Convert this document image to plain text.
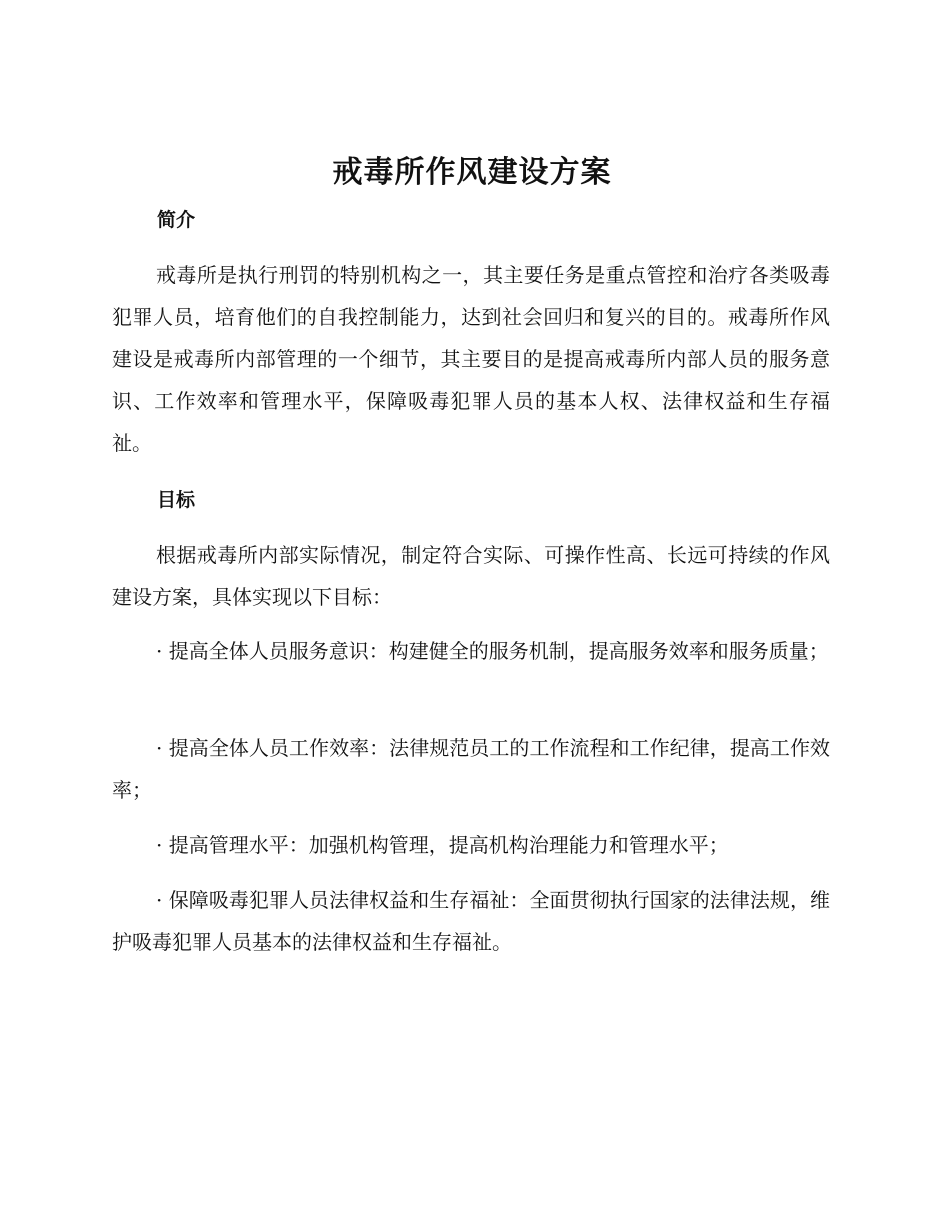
戒毒所作风建设方案
简介

戒毒所是执行刑罚的特别机构之一，其主要任务是重点管控和治疗各类吸毒犯罪人员，培育他们的自我控制能力，达到社会回归和复兴的目的。戒毒所作风建设是戒毒所内部管理的一个细节，其主要目的是提高戒毒所内部人员的服务意识、工作效率和管理水平，保障吸毒犯罪人员的基本人权、法律权益和生存福祉。

目标

根据戒毒所内部实际情况，制定符合实际、可操作性高、长远可持续的作风建设方案，具体实现以下目标：

· 提高全体人员服务意识：构建健全的服务机制，提高服务效率和服务质量；

· 提高全体人员工作效率：法律规范员工的工作流程和工作纪律，提高工作效率；

· 提高管理水平：加强机构管理，提高机构治理能力和管理水平；

· 保障吸毒犯罪人员法律权益和生存福祉：全面贯彻执行国家的法律法规，维护吸毒犯罪人员基本的法律权益和生存福祉。
